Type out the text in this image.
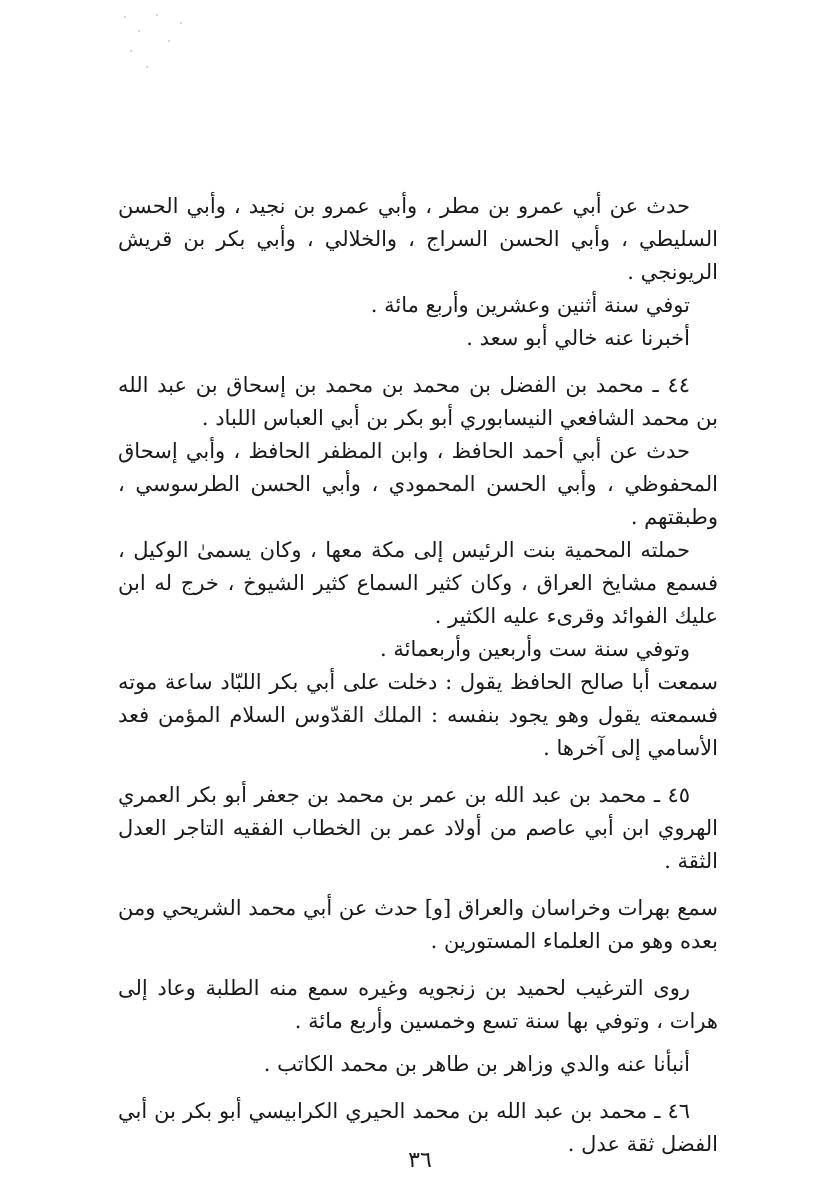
حدث عن أبي عمرو بن مطر ، وأبي عمرو بن نجيد ، وأبي الحسن السليطي ، وأبي الحسن السراج ، والخلالي ، وأبي بكر بن قريش الريونجي .

توفي سنة أثنين وعشرين وأربع مائة .

أخبرنا عنه خالي أبو سعد .

٤٤ ـ محمد بن الفضل بن محمد بن محمد بن إسحاق بن عبد الله بن محمد الشافعي النيسابوري أبو بكر بن أبي العباس اللباد .

حدث عن أبي أحمد الحافظ ، وابن المظفر الحافظ ، وأبي إسحاق المحفوظي ، وأبي الحسن المحمودي ، وأبي الحسن الطرسوسي ، وطبقتهم .

حملته المحمية بنت الرئيس إلى مكة معها ، وكان يسمىٰ الوكيل ، فسمع مشايخ العراق ، وكان كثير السماع كثير الشيوخ ، خرج له ابن عليك الفوائد وقرىء عليه الكثير .

وتوفي سنة ست وأربعين وأربعمائة .

سمعت أبا صالح الحافظ يقول : دخلت على أبي بكر اللبّاد ساعة موته فسمعته يقول وهو يجود بنفسه : الملك القدّوس السلام المؤمن فعد الأسامي إلى آخرها .

٤٥ ـ محمد بن عبد الله بن عمر بن محمد بن جعفر أبو بكر العمري الهروي ابن أبي عاصم من أولاد عمر بن الخطاب الفقيه التاجر العدل الثقة .

سمع بهرات وخراسان والعراق [و] حدث عن أبي محمد الشريحي ومن بعده وهو من العلماء المستورين .

روى الترغيب لحميد بن زنجويه وغيره سمع منه الطلبة وعاد إلى هرات ، وتوفي بها سنة تسع وخمسين وأربع مائة .

أنبأنا عنه والدي وزاهر بن طاهر بن محمد الكاتب .

٤٦ ـ محمد بن عبد الله بن محمد الحيري الكرابيسي أبو بكر بن أبي الفضل ثقة عدل .

٣٦
